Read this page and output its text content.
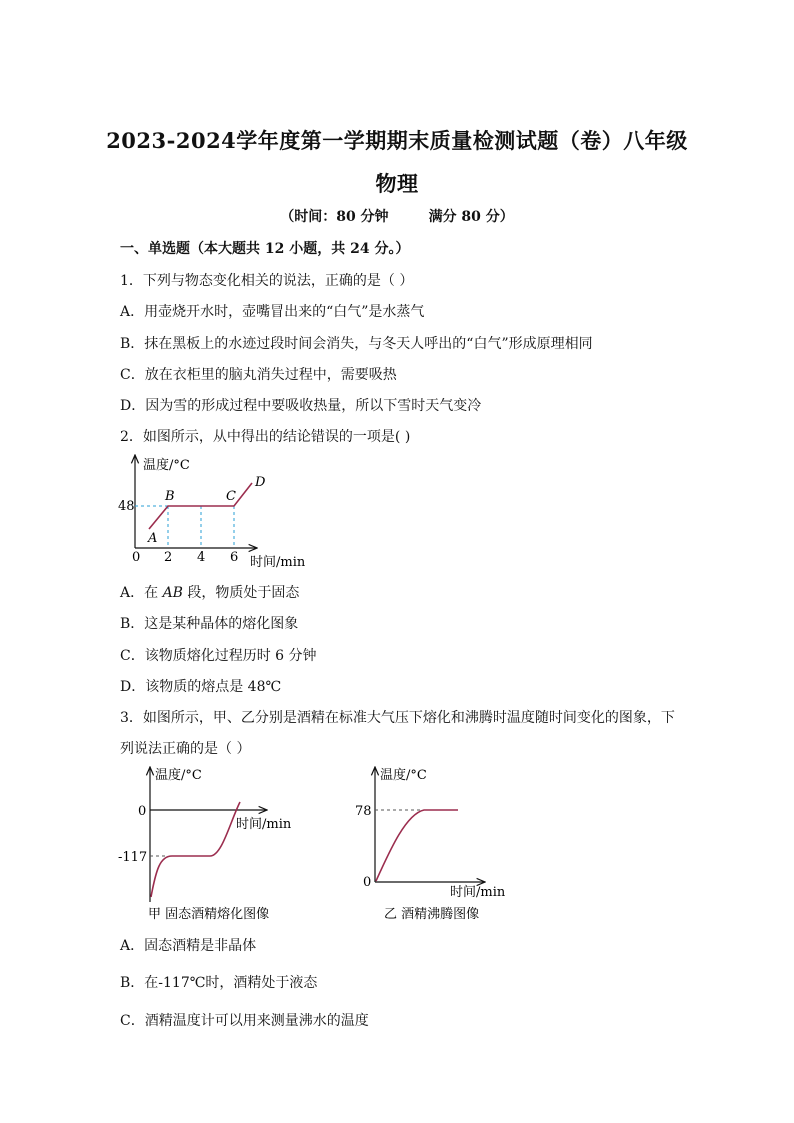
2023-2024学年度第一学期期末质量检测试题（卷）八年级
物理
（时间：80 分钟	满分 80 分）
一、单选题（本大题共 12 小题，共 24 分。）
1．下列与物态变化相关的说法，正确的是（ ）
A．用壶烧开水时，壶嘴冒出来的“白气”是水蒸气
B．抹在黑板上的水迹过段时间会消失，与冬天人呼出的“白气”形成原理相同
C．放在衣柜里的脑丸消失过程中，需要吸热
D．因为雪的形成过程中要吸收热量，所以下雪时天气变冷
2．如图所示，从中得出的结论错误的一项是( )
温度/°C
时间/min
48
0 2 4 6
A
B	C
D
A．在 AB 段，物质处于固态
B．这是某种晶体的熔化图象
C．该物质熔化过程历时 6 分钟
D．该物质的熔点是 48℃
3．如图所示，甲、乙分别是酒精在标准大气压下熔化和沸腾时温度随时间变化的图象，下
列说法正确的是（ ）
温度/°C
时间/min
0
-117
甲 固态酒精熔化图像
温度/°C
时间/min
78
0
乙 酒精沸腾图像
A．固态酒精是非晶体
B．在-117℃时，酒精处于液态
C．酒精温度计可以用来测量沸水的温度
